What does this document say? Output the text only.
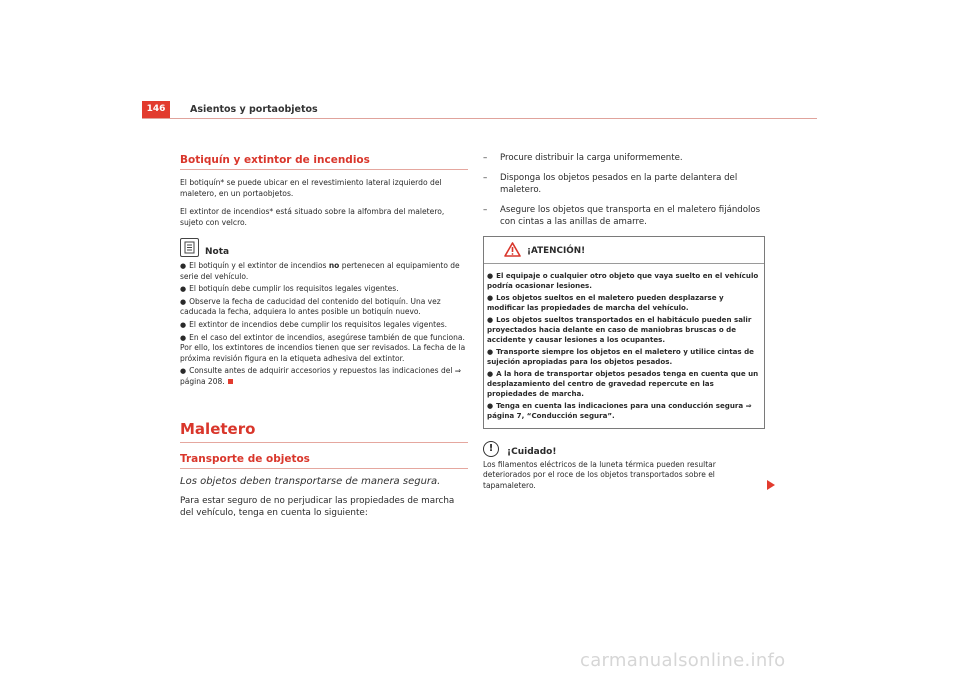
146	Asientos y portaobjetos
Botiquín y extintor de incendios

El botiquín* se puede ubicar en el revestimiento lateral izquierdo del maletero, en un portaobjetos.

El extintor de incendios* está situado sobre la alfombra del maletero, sujeto con velcro.

Nota
● El botiquín y el extintor de incendios no pertenecen al equipamiento de serie del vehículo.
● El botiquín debe cumplir los requisitos legales vigentes.
● Observe la fecha de caducidad del contenido del botiquín. Una vez caducada la fecha, adquiera lo antes posible un botiquín nuevo.
● El extintor de incendios debe cumplir los requisitos legales vigentes.
● En el caso del extintor de incendios, asegúrese también de que funciona. Por ello, los extintores de incendios tienen que ser revisados. La fecha de la próxima revisión figura en la etiqueta adhesiva del extintor.
● Consulte antes de adquirir accesorios y repuestos las indicaciones del ⇒ página 208.
Maletero
Transporte de objetos

Los objetos deben transportarse de manera segura.

Para estar seguro de no perjudicar las propiedades de marcha del vehículo, tenga en cuenta lo siguiente:

– Procure distribuir la carga uniformemente.
– Disponga los objetos pesados en la parte delantera del maletero.
– Asegure los objetos que transporta en el maletero fijándolos con cintas a las anillas de amarre.
¡ATENCIÓN!
● El equipaje o cualquier otro objeto que vaya suelto en el vehículo podría ocasionar lesiones.
● Los objetos sueltos en el maletero pueden desplazarse y modificar las propiedades de marcha del vehículo.
● Los objetos sueltos transportados en el habitáculo pueden salir proyectados hacia delante en caso de maniobras bruscas o de accidente y causar lesiones a los ocupantes.
● Transporte siempre los objetos en el maletero y utilice cintas de sujeción apropiadas para los objetos pesados.
● A la hora de transportar objetos pesados tenga en cuenta que un desplazamiento del centro de gravedad repercute en las propiedades de marcha.
● Tenga en cuenta las indicaciones para una conducción segura ⇒ página 7, “Conducción segura”.
!	¡Cuidado!

Los filamentos eléctricos de la luneta térmica pueden resultar deteriorados por el roce de los objetos transportados sobre el tapamaletero.

carmanualsonline.info
